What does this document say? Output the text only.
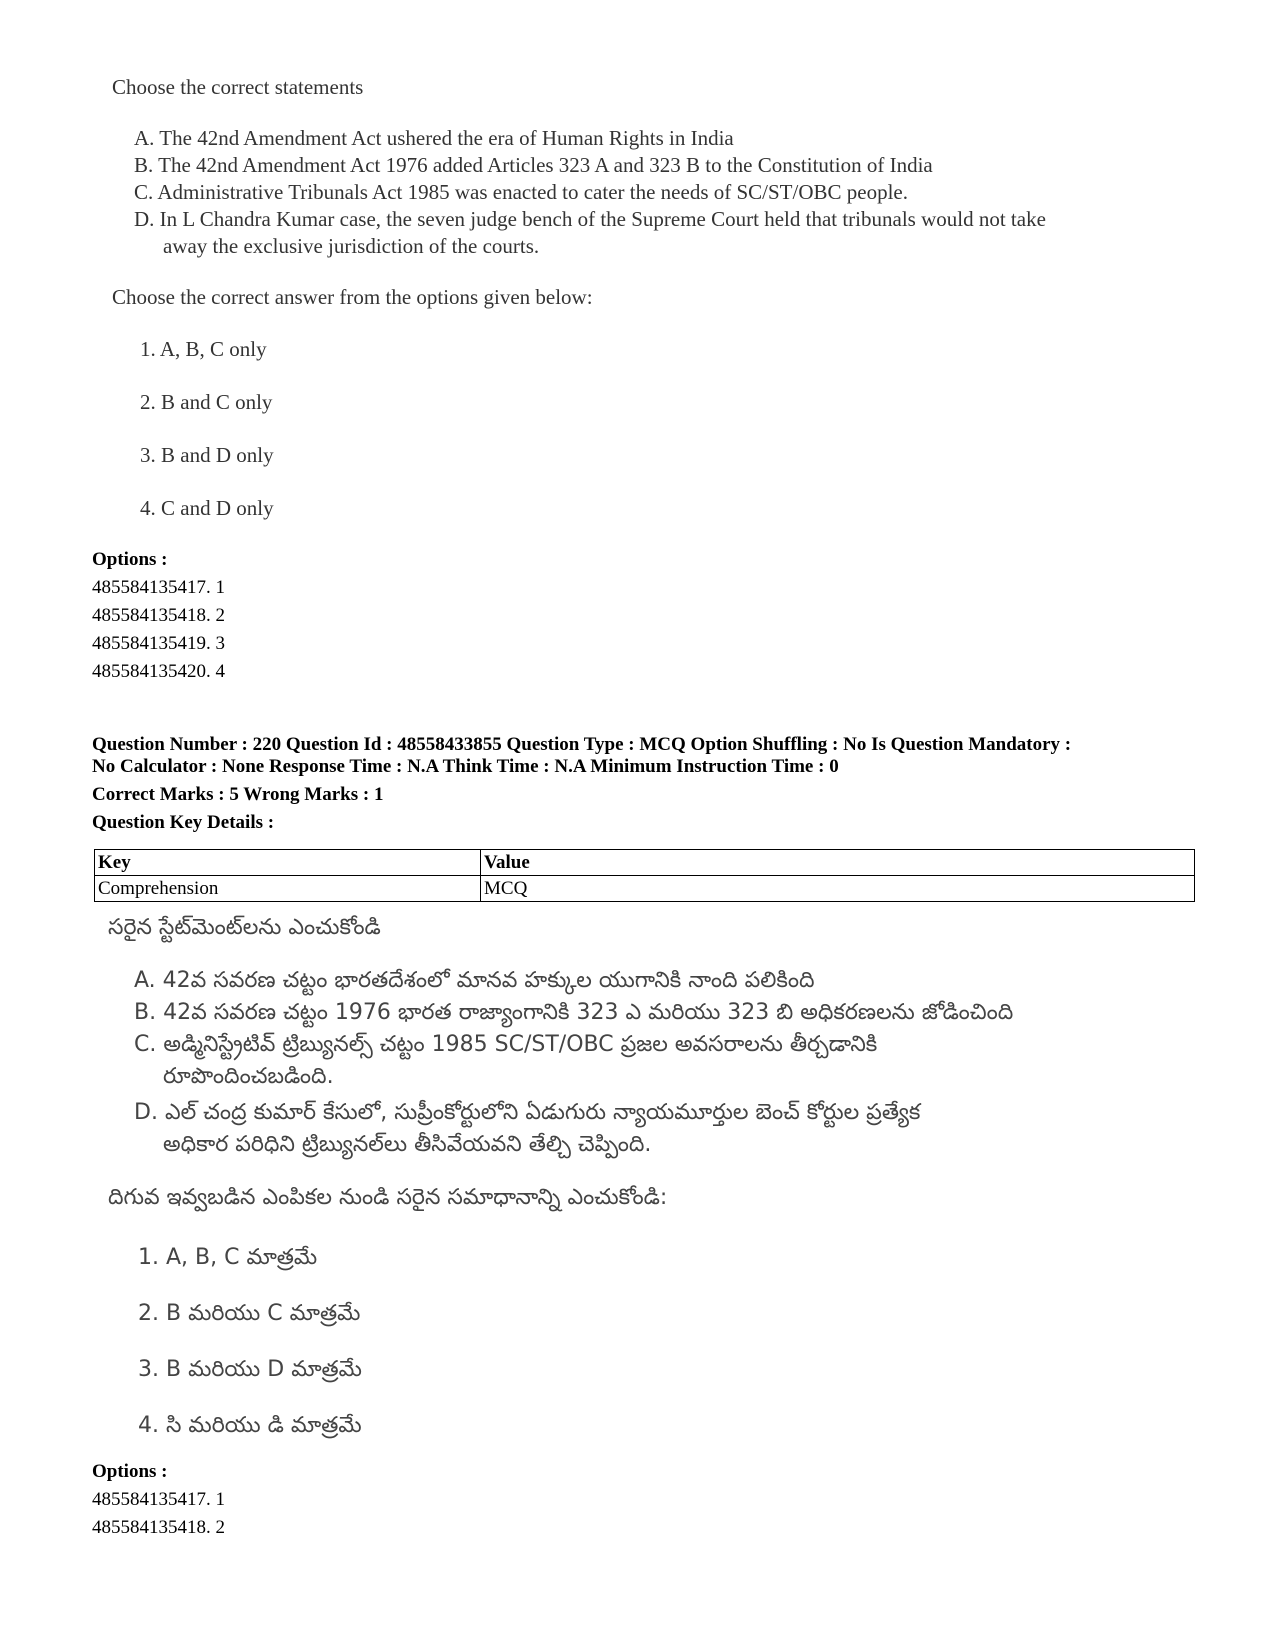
Choose the correct statements
A. The 42nd Amendment Act ushered the era of Human Rights in India
B. The 42nd Amendment Act 1976 added Articles 323 A and 323 B to the Constitution of India
C. Administrative Tribunals Act 1985 was enacted to cater the needs of SC/ST/OBC people.
D. In L Chandra Kumar case, the seven judge bench of the Supreme Court held that tribunals would not take
away the exclusive jurisdiction of the courts.
Choose the correct answer from the options given below:
1. A, B, C only
2. B and C only
3. B and D only
4. C and D only
Options :
485584135417. 1
485584135418. 2
485584135419. 3
485584135420. 4
Question Number : 220 Question Id : 48558433855 Question Type : MCQ Option Shuffling : No Is Question Mandatory :
No Calculator : None Response Time : N.A Think Time : N.A Minimum Instruction Time : 0
Correct Marks : 5 Wrong Marks : 1
Question Key Details :
Key	Value
Comprehension	MCQ
సరైన స్టేట్‌మెంట్‌లను ఎంచుకోండి
A. 42వ సవరణ చట్టం భారతదేశంలో మానవ హక్కుల యుగానికి నాంది పలికింది
B. 42వ సవరణ చట్టం 1976 భారత రాజ్యాంగానికి 323 ఎ మరియు 323 బి అధికరణలను జోడించింది
C. అడ్మినిస్ట్రేటివ్ ట్రిబ్యునల్స్ చట్టం 1985 SC/ST/OBC ప్రజల అవసరాలను తీర్చడానికి
రూపొందించబడింది.
D. ఎల్ చంద్ర కుమార్ కేసులో, సుప్రీంకోర్టులోని ఏడుగురు న్యాయమూర్తుల బెంచ్ కోర్టుల ప్రత్యేక
అధికార పరిధిని ట్రిబ్యునల్‌లు తీసివేయవని తేల్చి చెప్పింది.
దిగువ ఇవ్వబడిన ఎంపికల నుండి సరైన సమాధానాన్ని ఎంచుకోండి:
1. A, B, C మాత్రమే
2. B మరియు C మాత్రమే
3. B మరియు D మాత్రమే
4. సి మరియు డి మాత్రమే
Options :
485584135417. 1
485584135418. 2
